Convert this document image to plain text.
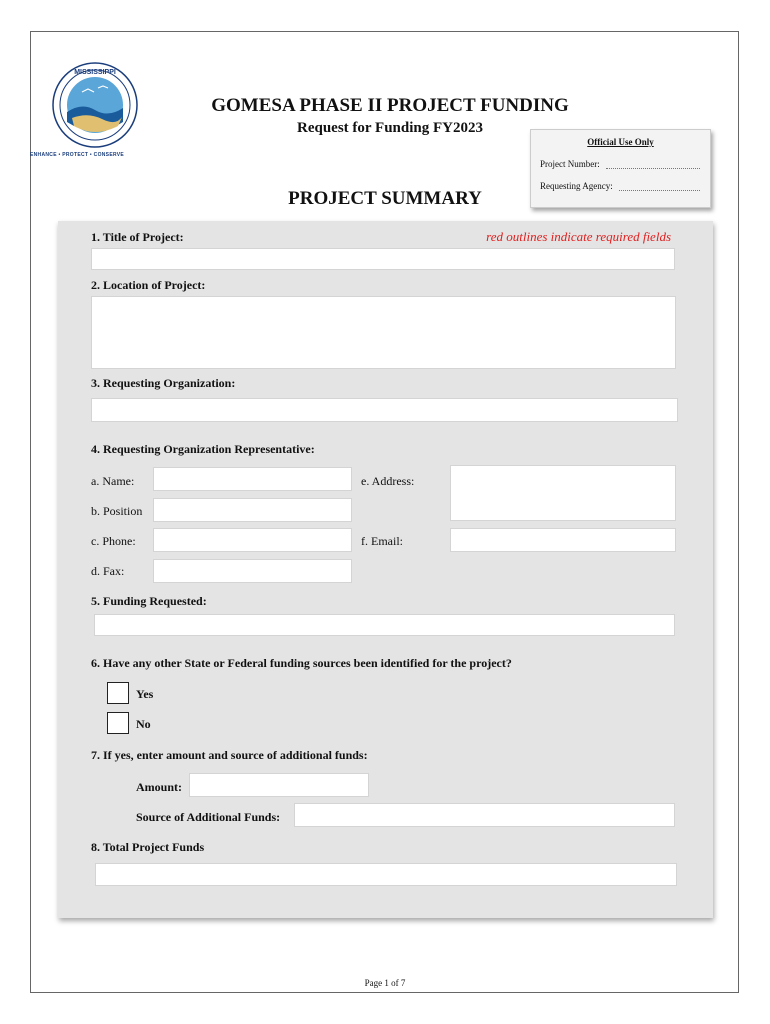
MISSISSIPPI
ENHANCE • PROTECT • CONSERVE
GOMESA PHASE II PROJECT FUNDING
Request for Funding FY2023
Official Use Only
Project Number:
Requesting Agency:
PROJECT SUMMARY
1. Title of Project:	red outlines indicate required fields
2. Location of Project:
3. Requesting Organization:
4. Requesting Organization Representative:
a. Name:	e. Address:
b. Position
c. Phone:	f. Email:
d. Fax:
5. Funding Requested:
6. Have any other State or Federal funding sources been identified for the project?
Yes
No
7. If yes, enter amount and source of additional funds:
Amount:
Source of Additional Funds:
8. Total Project Funds
Page 1 of 7
